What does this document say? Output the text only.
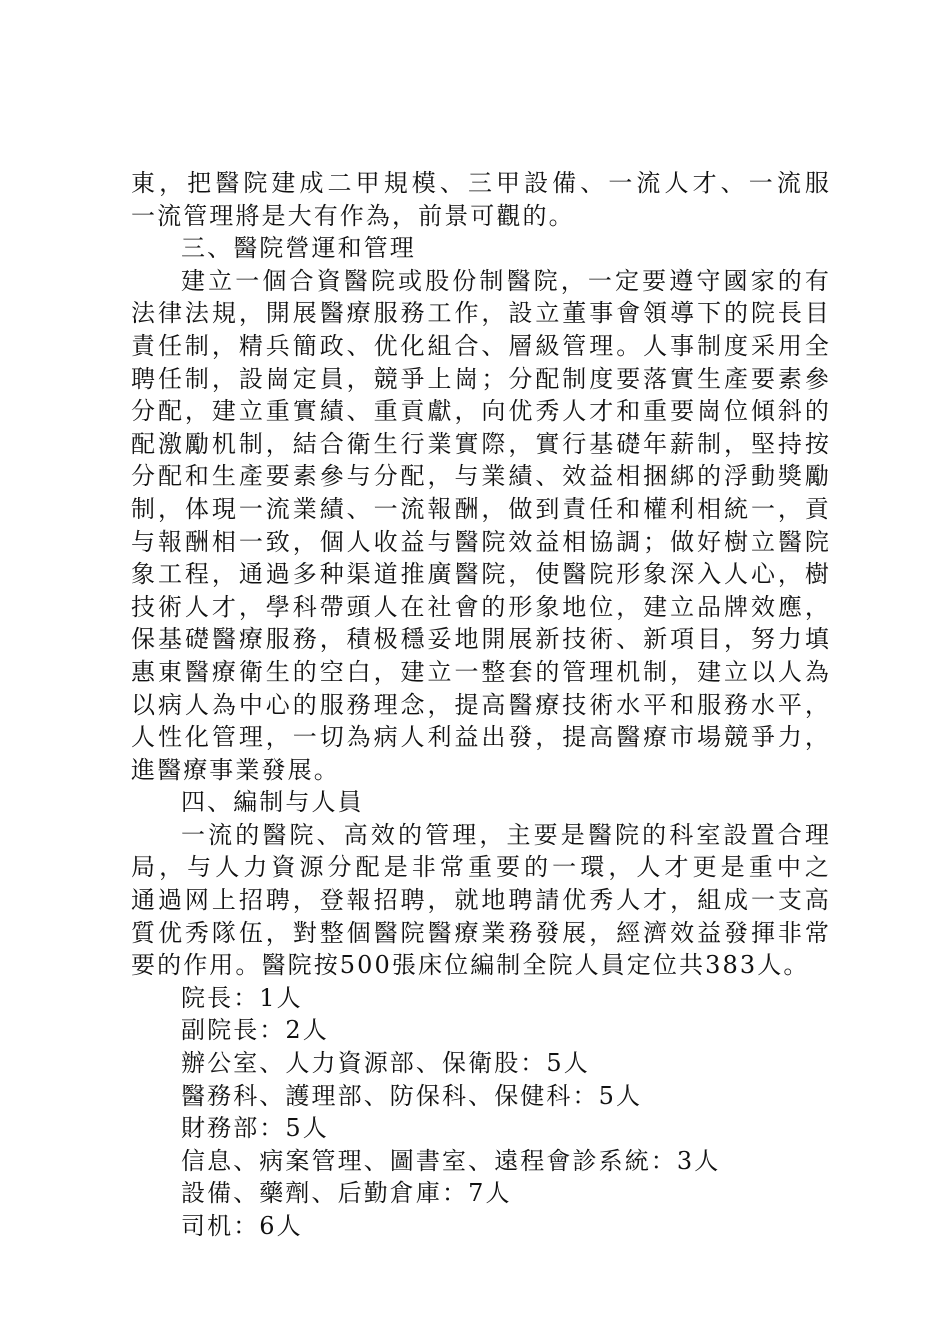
東，把醫院建成二甲規模、三甲設備、一流人才、一流服
一流管理將是大有作為，前景可觀的。
三、醫院營運和管理
建立一個合資醫院或股份制醫院，一定要遵守國家的有
法律法規，開展醫療服務工作，設立董事會領導下的院長目
責任制，精兵簡政、优化組合、層級管理。人事制度采用全
聘任制，設崗定員，競爭上崗；分配制度要落實生產要素參
分配，建立重實績、重貢獻，向优秀人才和重要崗位傾斜的
配激勵机制，結合衛生行業實際，實行基礎年薪制，堅持按
分配和生產要素參与分配，与業績、效益相捆綁的浮動獎勵
制，体現一流業績、一流報酬，做到責任和權利相統一，貢
与報酬相一致，個人收益与醫院效益相協調；做好樹立醫院
象工程，通過多种渠道推廣醫院，使醫院形象深入人心，樹
技術人才，學科帶頭人在社會的形象地位，建立品牌效應，
保基礎醫療服務，積极穩妥地開展新技術、新項目，努力填
惠東醫療衛生的空白，建立一整套的管理机制，建立以人為
以病人為中心的服務理念，提高醫療技術水平和服務水平，
人性化管理，一切為病人利益出發，提高醫療市場競爭力，
進醫療事業發展。
四、編制与人員
一流的醫院、高效的管理，主要是醫院的科室設置合理
局，与人力資源分配是非常重要的一環，人才更是重中之
通過网上招聘，登報招聘，就地聘請优秀人才，組成一支高
質优秀隊伍，對整個醫院醫療業務發展，經濟效益發揮非常
要的作用。醫院按500張床位編制全院人員定位共383人。
院長：1人
副院長：2人
辦公室、人力資源部、保衛股：5人
醫務科、護理部、防保科、保健科：5人
財務部：5人
信息、病案管理、圖書室、遠程會診系統：3人
設備、藥劑、后勤倉庫：7人
司机：6人
